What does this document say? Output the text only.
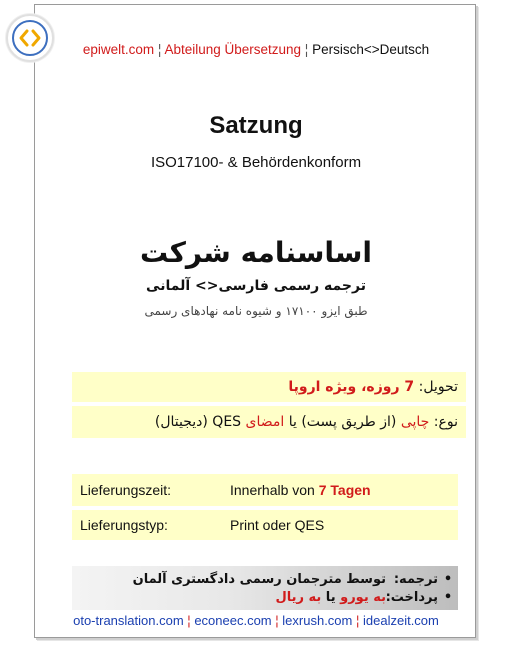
epiwelt.com ¦ Abteilung Übersetzung ¦ Persisch<>Deutsch
Satzung
ISO17100- & Behördenkonform
اساسنامه شرکت
ترجمه رسمی فارسی<> آلمانی
طبق ایزو ۱۷۱۰۰ و شیوه نامه نهادهای رسمی
تحویل: 7 روزه، ویژه اروپا
نوع: چاپی (از طریق پست) یا امضای QES (دیجیتال)
Lieferungszeit:	Innerhalb von 7 Tagen
Lieferungstyp:	Print oder QES
•ترجمه:توسط مترجمان رسمی دادگستری آلمان
•پرداخت:به یورو یا به ریال
oto-translation.com ¦ econeec.com ¦ lexrush.com ¦ idealzeit.com
